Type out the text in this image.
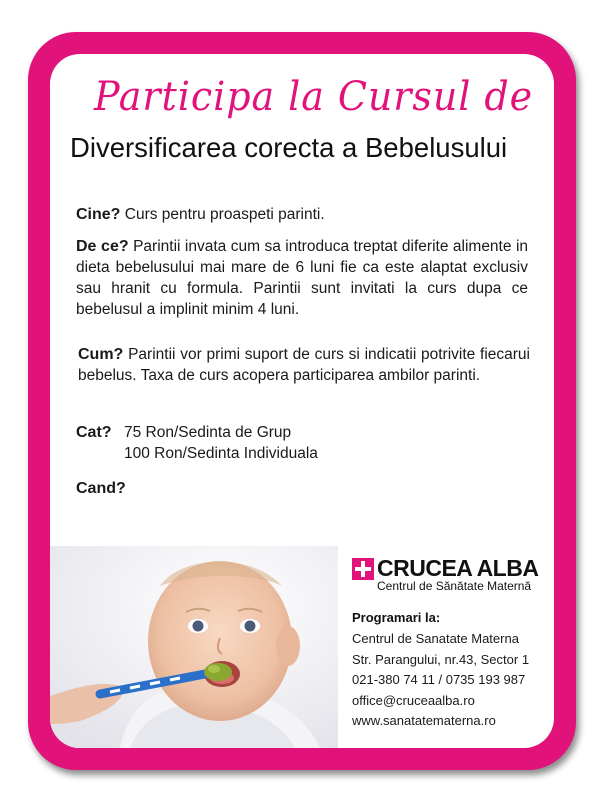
Participa la Cursul de
Diversificarea corecta a Bebelusului
Cine? Curs pentru proaspeti parinti.
De ce? Parintii invata cum sa introduca treptat diferite alimente in dieta bebelusului mai mare de 6 luni fie ca este alaptat exclusiv sau hranit cu formula. Parintii sunt invitati la curs dupa ce bebelusul a implinit minim 4 luni.
Cum? Parintii vor primi suport de curs si indicatii potrivite fiecarui bebelus. Taxa de curs acopera participarea ambilor parinti.
Cat? 75 Ron/Sedinta de Grup
100 Ron/Sedinta Individuala
Cand?
CRUCEA ALBA
Centrul de Sănătate Maternă
Programari la:
Centrul de Sanatate Materna
Str. Parangului, nr.43, Sector 1
021-380 74 11 / 0735 193 987
office@cruceaalba.ro
www.sanatatematerna.ro
